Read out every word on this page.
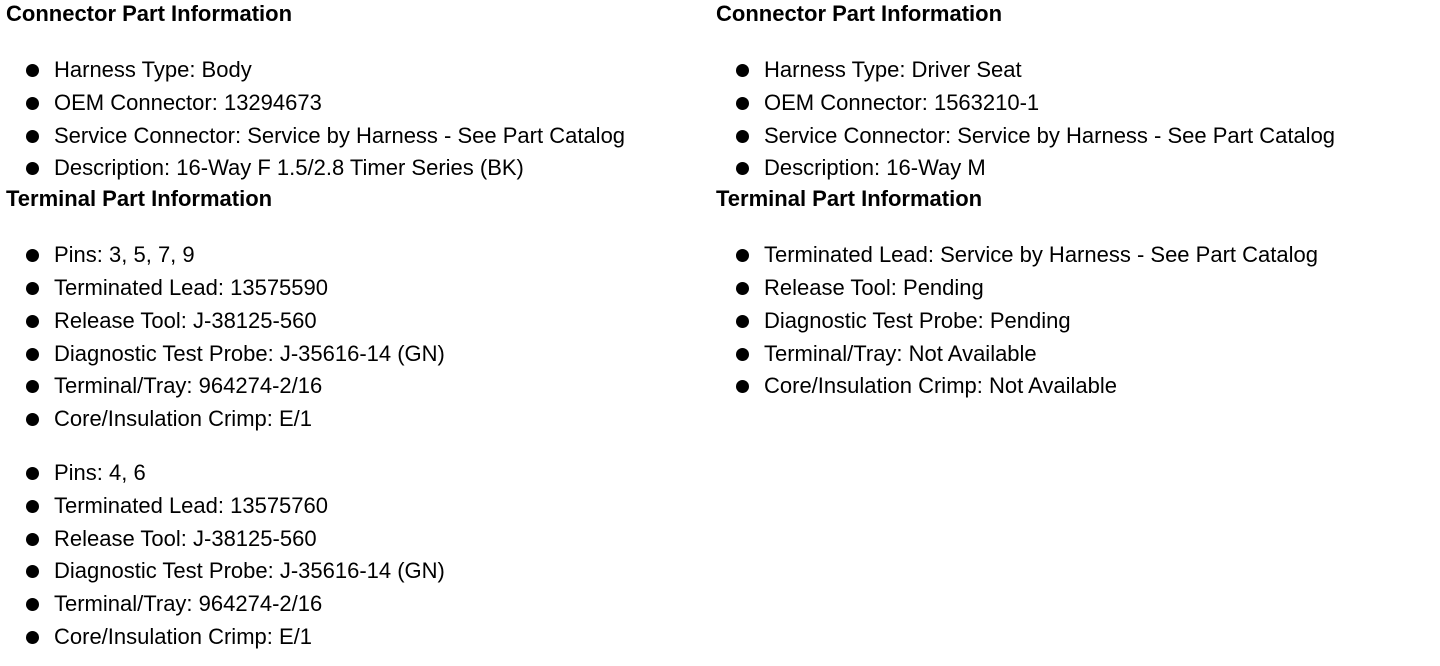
Connector Part Information
Harness Type: Body
OEM Connector: 13294673
Service Connector: Service by Harness - See Part Catalog
Description: 16-Way F 1.5/2.8 Timer Series (BK)
Terminal Part Information
Pins: 3, 5, 7, 9
Terminated Lead: 13575590
Release Tool: J-38125-560
Diagnostic Test Probe: J-35616-14 (GN)
Terminal/Tray: 964274-2/16
Core/Insulation Crimp: E/1
Pins: 4, 6
Terminated Lead: 13575760
Release Tool: J-38125-560
Diagnostic Test Probe: J-35616-14 (GN)
Terminal/Tray: 964274-2/16
Core/Insulation Crimp: E/1
Connector Part Information
Harness Type: Driver Seat
OEM Connector: 1563210-1
Service Connector: Service by Harness - See Part Catalog
Description: 16-Way M
Terminal Part Information
Terminated Lead: Service by Harness - See Part Catalog
Release Tool: Pending
Diagnostic Test Probe: Pending
Terminal/Tray: Not Available
Core/Insulation Crimp: Not Available
